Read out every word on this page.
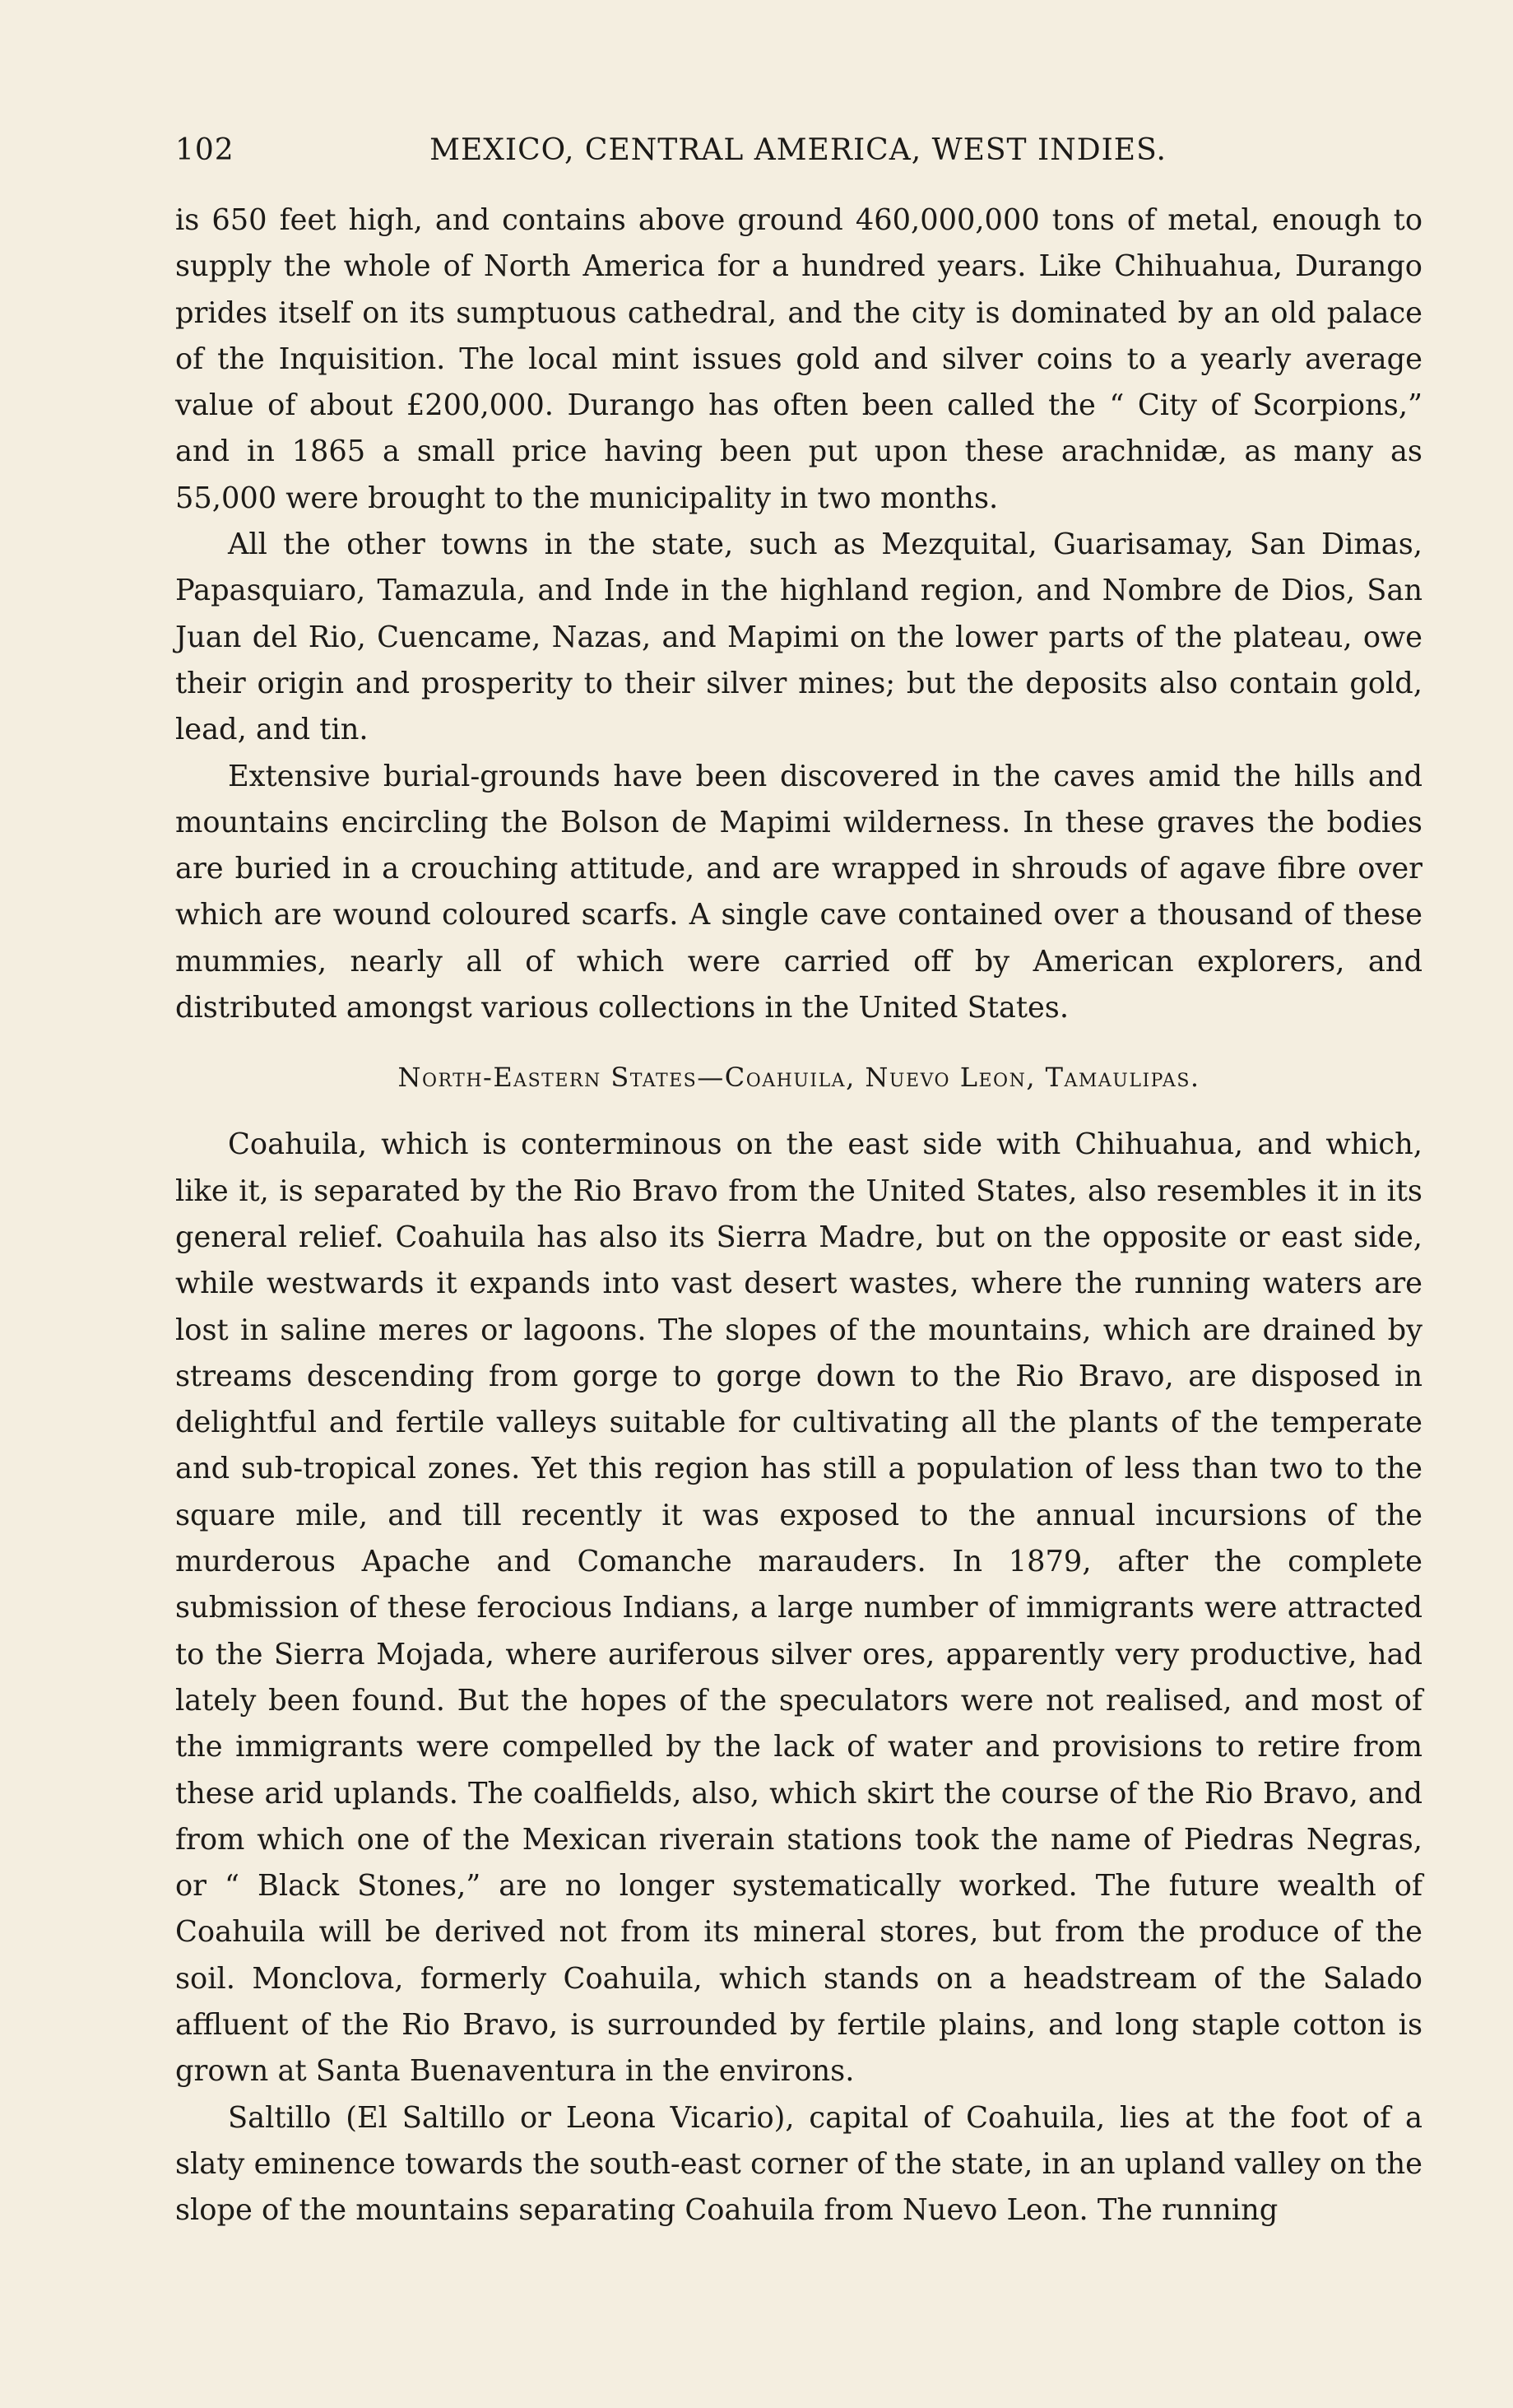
102	MEXICO, CENTRAL AMERICA, WEST INDIES.

is 650 feet high, and contains above ground 460,000,000 tons of metal, enough to supply the whole of North America for a hundred years. Like Chihuahua, Durango prides itself on its sumptuous cathedral, and the city is dominated by an old palace of the Inquisition. The local mint issues gold and silver coins to a yearly average value of about £200,000. Durango has often been called the “ City of Scorpions,” and in 1865 a small price having been put upon these arachnidæ, as many as 55,000 were brought to the municipality in two months.

All the other towns in the state, such as Mezquital, Guarisamay, San Dimas, Papasquiaro, Tamazula, and Inde in the highland region, and Nombre de Dios, San Juan del Rio, Cuencame, Nazas, and Mapimi on the lower parts of the plateau, owe their origin and prosperity to their silver mines; but the deposits also contain gold, lead, and tin.

Extensive burial-grounds have been discovered in the caves amid the hills and mountains encircling the Bolson de Mapimi wilderness. In these graves the bodies are buried in a crouching attitude, and are wrapped in shrouds of agave fibre over which are wound coloured scarfs. A single cave contained over a thousand of these mummies, nearly all of which were carried off by American explorers, and distributed amongst various collections in the United States.

North-Eastern States—Coahuila, Nuevo Leon, Tamaulipas.

Coahuila, which is conterminous on the east side with Chihuahua, and which, like it, is separated by the Rio Bravo from the United States, also resembles it in its general relief. Coahuila has also its Sierra Madre, but on the opposite or east side, while westwards it expands into vast desert wastes, where the running waters are lost in saline meres or lagoons. The slopes of the mountains, which are drained by streams descending from gorge to gorge down to the Rio Bravo, are disposed in delightful and fertile valleys suitable for cultivating all the plants of the temperate and sub-tropical zones. Yet this region has still a population of less than two to the square mile, and till recently it was exposed to the annual incursions of the murderous Apache and Comanche marauders. In 1879, after the complete submission of these ferocious Indians, a large number of immigrants were attracted to the Sierra Mojada, where auriferous silver ores, apparently very productive, had lately been found. But the hopes of the speculators were not realised, and most of the immigrants were compelled by the lack of water and provisions to retire from these arid uplands. The coalfields, also, which skirt the course of the Rio Bravo, and from which one of the Mexican riverain stations took the name of Piedras Negras, or “ Black Stones,” are no longer systematically worked. The future wealth of Coahuila will be derived not from its mineral stores, but from the produce of the soil. Monclova, formerly Coahuila, which stands on a headstream of the Salado affluent of the Rio Bravo, is surrounded by fertile plains, and long staple cotton is grown at Santa Buenaventura in the environs.

Saltillo (El Saltillo or Leona Vicario), capital of Coahuila, lies at the foot of a slaty eminence towards the south-east corner of the state, in an upland valley on the slope of the mountains separating Coahuila from Nuevo Leon. The running
